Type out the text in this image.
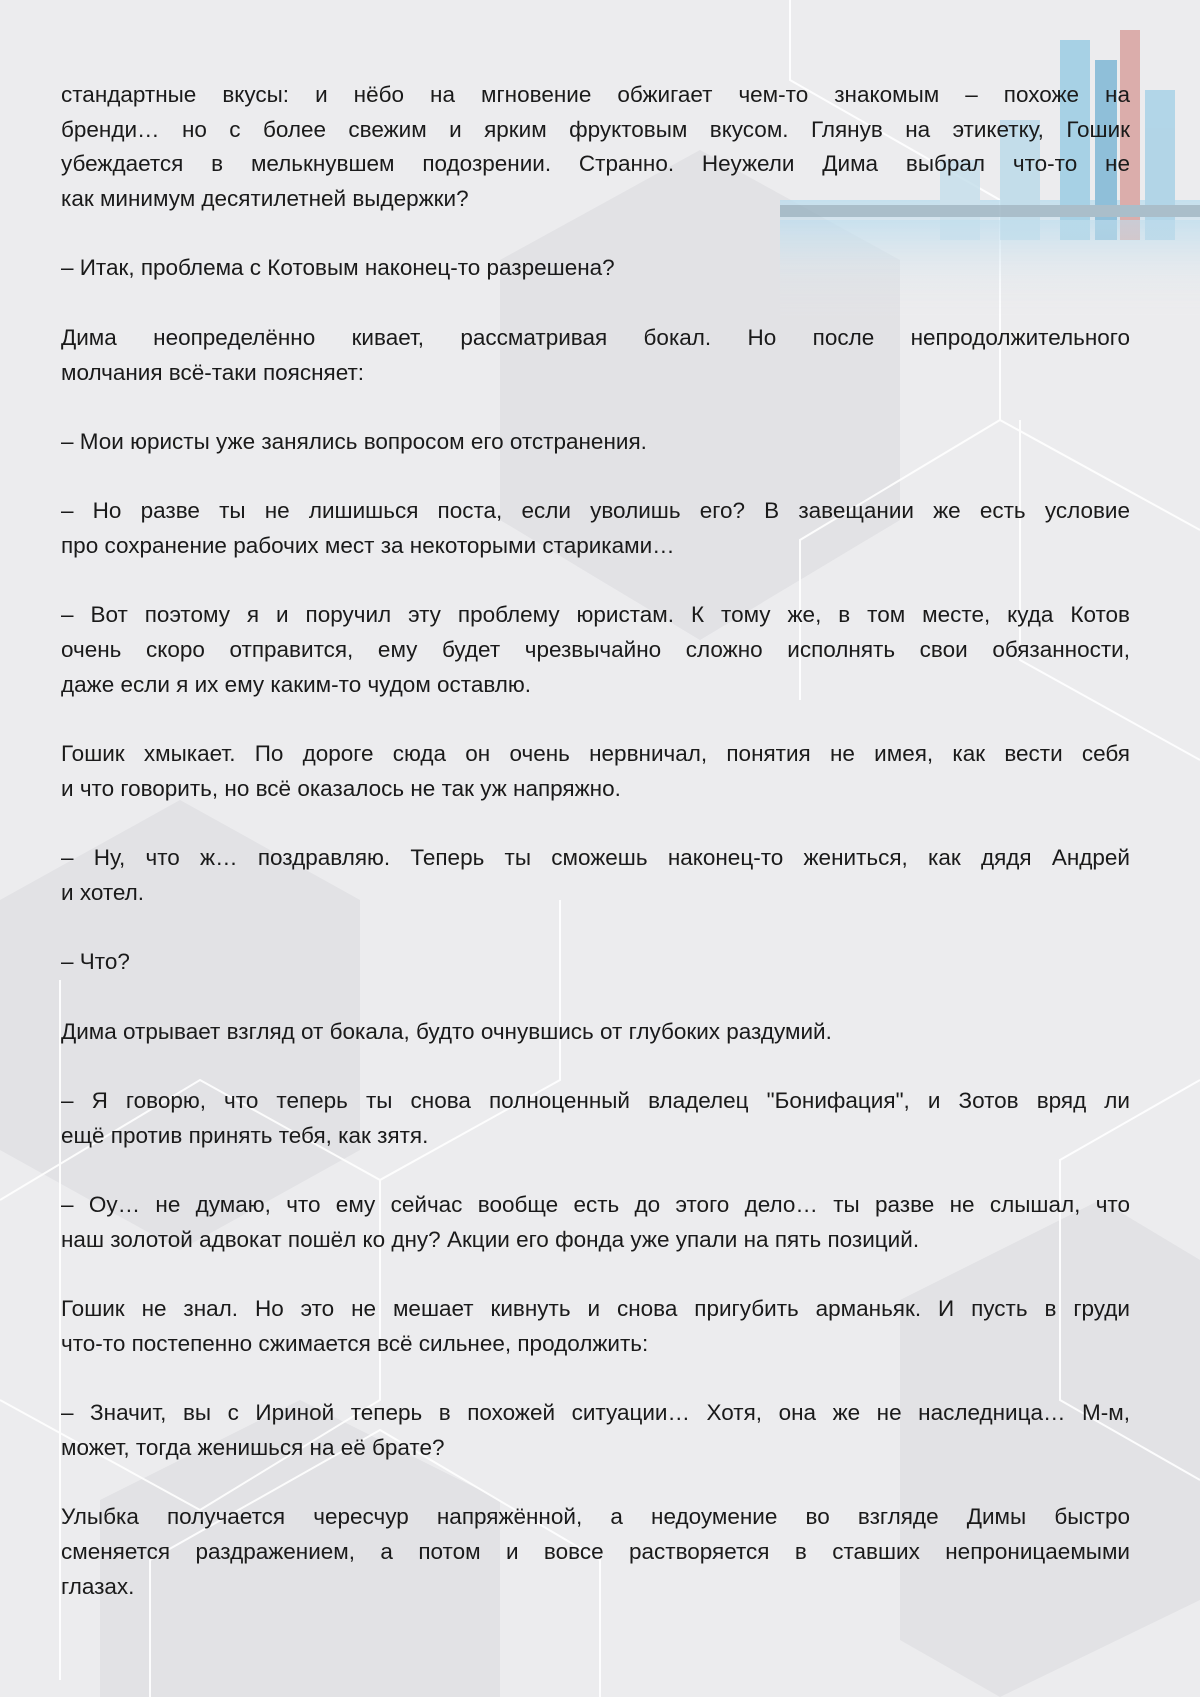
стандартные вкусы: и нёбо на мгновение обжигает чем-то знакомым – похоже на
бренди… но с более свежим и ярким фруктовым вкусом. Глянув на этикетку, Гошик
убеждается в мелькнувшем подозрении. Странно. Неужели Дима выбрал что-то не
как минимум десятилетней выдержки?
– Итак, проблема с Котовым наконец-то разрешена?
Дима неопределённо кивает, рассматривая бокал. Но после непродолжительного
молчания всё-таки поясняет:
– Мои юристы уже занялись вопросом его отстранения.
– Но разве ты не лишишься поста, если уволишь его? В завещании же есть условие
про сохранение рабочих мест за некоторыми стариками…
– Вот поэтому я и поручил эту проблему юристам. К тому же, в том месте, куда Котов
очень скоро отправится, ему будет чрезвычайно сложно исполнять свои обязанности,
даже если я их ему каким-то чудом оставлю.
Гошик хмыкает. По дороге сюда он очень нервничал, понятия не имея, как вести себя
и что говорить, но всё оказалось не так уж напряжно.
– Ну, что ж… поздравляю. Теперь ты сможешь наконец-то жениться, как дядя Андрей
и хотел.
– Что?
Дима отрывает взгляд от бокала, будто очнувшись от глубоких раздумий.
– Я говорю, что теперь ты снова полноценный владелец "Бонифация", и Зотов вряд ли
ещё против принять тебя, как зятя.
– Оу… не думаю, что ему сейчас вообще есть до этого дело… ты разве не слышал, что
наш золотой адвокат пошёл ко дну? Акции его фонда уже упали на пять позиций.
Гошик не знал. Но это не мешает кивнуть и снова пригубить арманьяк. И пусть в груди
что-то постепенно сжимается всё сильнее, продолжить:
– Значит, вы с Ириной теперь в похожей ситуации… Хотя, она же не наследница… М-м,
может, тогда женишься на её брате?
Улыбка получается чересчур напряжённой, а недоумение во взгляде Димы быстро
сменяется раздражением, а потом и вовсе растворяется в ставших непроницаемыми
глазах.
